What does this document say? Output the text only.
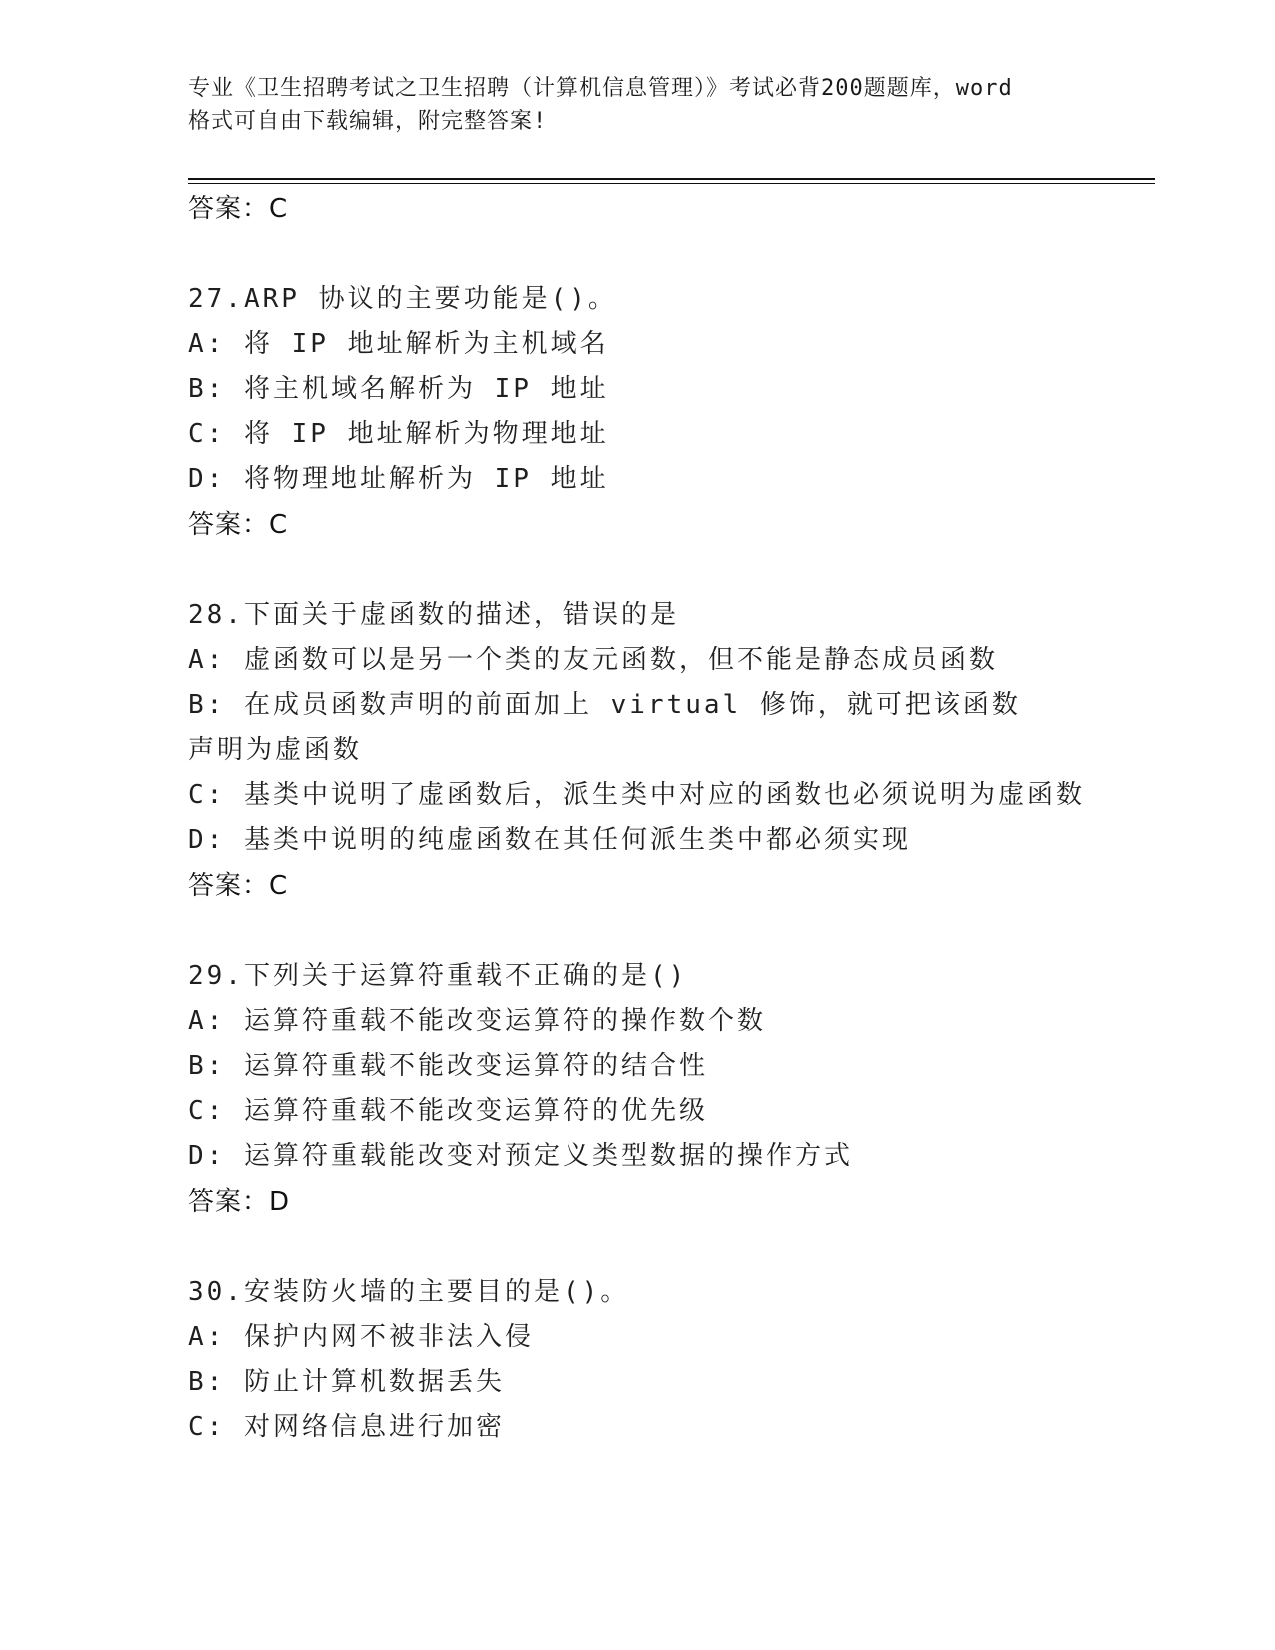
专业《卫生招聘考试之卫生招聘（计算机信息管理）》考试必背200题题库，word
格式可自由下载编辑，附完整答案!
答案：C
27.ARP 协议的主要功能是()。
A: 将 IP 地址解析为主机域名
B: 将主机域名解析为 IP 地址
C: 将 IP 地址解析为物理地址
D: 将物理地址解析为 IP 地址
答案：C
28.下面关于虚函数的描述，错误的是
A: 虚函数可以是另一个类的友元函数，但不能是静态成员函数
B: 在成员函数声明的前面加上 virtual 修饰，就可把该函数声明为虚函数
C: 基类中说明了虚函数后，派生类中对应的函数也必须说明为虚函数
D: 基类中说明的纯虚函数在其任何派生类中都必须实现
答案：C
29.下列关于运算符重载不正确的是()
A: 运算符重载不能改变运算符的操作数个数
B: 运算符重载不能改变运算符的结合性
C: 运算符重载不能改变运算符的优先级
D: 运算符重载能改变对预定义类型数据的操作方式
答案：D
30.安装防火墙的主要目的是()。
A: 保护内网不被非法入侵
B: 防止计算机数据丢失
C: 对网络信息进行加密
